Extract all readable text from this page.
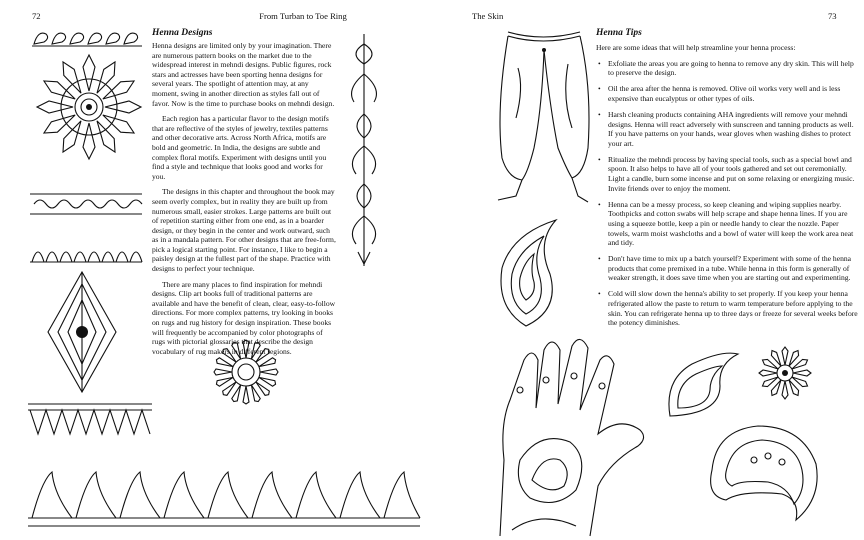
72	From Turban to Toe Ring
Henna Designs

Henna designs are limited only by your imagination. There are numerous pattern books on the market due to the widespread interest in mehndi designs. Public figures, rock stars and actresses have been sporting henna designs for several years. The spotlight of attention may, at any moment, swing in another direction as styles fall out of favor. Now is the time to purchase books on mehndi design.

Each region has a particular flavor to the design motifs that are reflective of the styles of jewelry, textiles patterns and other decorative arts. Across North Africa, motifs are bold and geometric. In India, the designs are subtle and complex floral motifs. Experiment with designs until you find a style and technique that looks good and works for you.

The designs in this chapter and throughout the book may seem overly complex, but in reality they are built up from numerous small, easier strokes. Large patterns are built out of repetition starting either from one end, as in a boarder design, or they begin in the center and work outward, such as in a mandala pattern. For other designs that are free-form, pick a logical starting point. For instance, I like to begin a paisley design at the fullest part of the shape. Practice with designs to perfect your technique.

There are many places to find inspiration for mehndi designs. Clip art books full of traditional patterns are available and have the benefit of clean, clear, easy-to-follow directions. For more complex patterns, try looking in books on rugs and rug history for design inspiration. These books will frequently be accompanied by color photographs of rugs with pictorial glossaries that describe the design vocabulary of rug makers in different regions.

The Skin	73
Henna Tips

Here are some ideas that will help streamline your henna process:

• Exfoliate the areas you are going to henna to remove any dry skin. This will help to preserve the design.
• Oil the area after the henna is removed. Olive oil works very well and is less expensive than eucalyptus or other types of oils.
• Harsh cleaning products containing AHA ingredients will remove your mehndi designs. Henna will react adversely with sunscreen and tanning products as well. If you have patterns on your hands, wear gloves when washing dishes to protect your art.
• Ritualize the mehndi process by having special tools, such as a special bowl and spoon. It also helps to have all of your tools gathered and set out ceremonially. Light a candle, burn some incense and put on some relaxing or energizing music. Invite friends over to enjoy the moment.
• Henna can be a messy process, so keep cleaning and wiping supplies nearby. Toothpicks and cotton swabs will help scrape and shape henna lines. If you are using a squeeze bottle, keep a pin or needle handy to clear the nozzle. Paper towels, warm moist washcloths and a bowl of water will keep the work area neat and tidy.
• Don't have time to mix up a batch yourself? Experiment with some of the henna products that come premixed in a tube. While henna in this form is generally of weaker strength, it does save time when you are starting out and experimenting.
• Cold will slow down the henna's ability to set properly. If you keep your henna refrigerated allow the paste to return to warm temperature before applying to the skin. You can refrigerate henna up to three days or freeze for several weeks before the potency diminishes.
